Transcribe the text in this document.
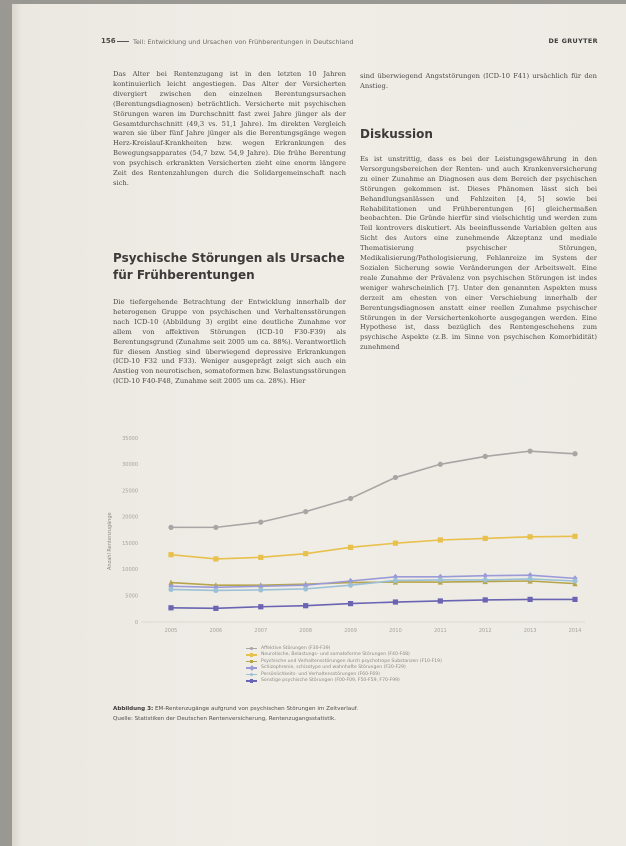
156	Teil: Entwicklung und Ursachen von Frühberentungen in Deutschland	DE GRUYTER
Das Alter bei Rentenzugang ist in den letzten 10 Jahren kontinuierlich leicht angestiegen. Das Alter der Versicherten divergiert zwischen den einzelnen Berentungsursachen (Berentungsdiagnosen) beträchtlich. Versicherte mit psychischen Störungen waren im Durchschnitt fast zwei Jahre jünger als der Gesamtdurchschnitt (49,3 vs. 51,1 Jahre). Im direkten Vergleich waren sie über fünf Jahre jünger als die Berentungsgänge wegen Herz-Kreislauf-Krankheiten bzw. wegen Erkrankungen des Bewegungsapparates (54,7 bzw. 54,9 Jahre). Die frühe Berentung von psychisch erkrankten Versicherten zieht eine enorm längere Zeit des Rentenzahlungen durch die Solidargemeinschaft nach sich.
Psychische Störungen als Ursache für Frühberentungen
Die tiefergehende Betrachtung der Entwicklung innerhalb der heterogenen Gruppe von psychischen und Verhaltensstörungen nach ICD-10 (Abbildung 3) ergibt eine deutliche Zunahme vor allem von affektiven Störungen (ICD-10 F30-F39) als Berentungsgrund (Zunahme seit 2005 um ca. 88%). Verantwortlich für diesen Anstieg sind überwiegend depressive Erkrankungen (ICD-10 F32 und F33). Weniger ausgeprägt zeigt sich auch ein Anstieg von neurotischen, somatoformen bzw. Belastungsstörungen (ICD-10 F40-F48, Zunahme seit 2005 um ca. 28%). Hier
sind überwiegend Angststörungen (ICD-10 F41) ursächlich für den Anstieg.
Diskussion
Es ist unstrittig, dass es bei der Leistungsgewährung in den Versorgungsbereichen der Renten- und auch Krankenversicherung zu einer Zunahme an Diagnosen aus dem Bereich der psychischen Störungen gekommen ist. Dieses Phänomen lässt sich bei Behandlungsanlässen und Fehlzeiten [4, 5] sowie bei Rehabilitationen und Frühberentungen [6] gleichermaßen beobachten. Die Gründe hierfür sind vielschichtig und werden zum Teil kontrovers diskutiert. Als beeinflussende Variablen gelten aus Sicht des Autors eine zunehmende Akzeptanz und mediale Thematisierung psychischer Störungen, Medikalisierung/Pathologisierung, Fehlanreize im System der Sozialen Sicherung sowie Veränderungen der Arbeitswelt. Eine reale Zunahme der Prävalenz von psychischen Störungen ist indes weniger wahrscheinlich [7]. Unter den genannten Aspekten muss derzeit am ehesten von einer Verschiebung innerhalb der Berentungsdiagnosen anstatt einer reellen Zunahme psychischer Störungen in der Versichertenkohorte ausgegangen werden. Eine Hypothese ist, dass bezüglich des Rentengeschehens zum psychische Aspekte (z.B. im Sinne von psychischen Komorbidität) zunehmend
0
5000
10000
15000
20000
25000
30000
35000
2005	2006	2007	2008	2009	2010	2011	2012	2013	2014
Anzahl Rentenzugänge
Affektive Störungen (F30-F39)
Neurotische, Belastungs- und somatoforme Störungen (F40-F48)
Psychische und Verhaltensstörungen durch psychotrope Substanzen (F10-F19)
Schizophrenie, schizotype und wahnhafte Störungen (F20-F29)
Persönlichkeits- und Verhaltensstörungen (F60-F69)
Sonstige psychische Störungen (F00-F09, F50-F59, F70-F99)
Abbildung 3: EM-Rentenzugänge aufgrund von psychischen Störungen im Zeitverlauf.
Quelle: Statistiken der Deutschen Rentenversicherung, Rentenzugangsstatistik.
